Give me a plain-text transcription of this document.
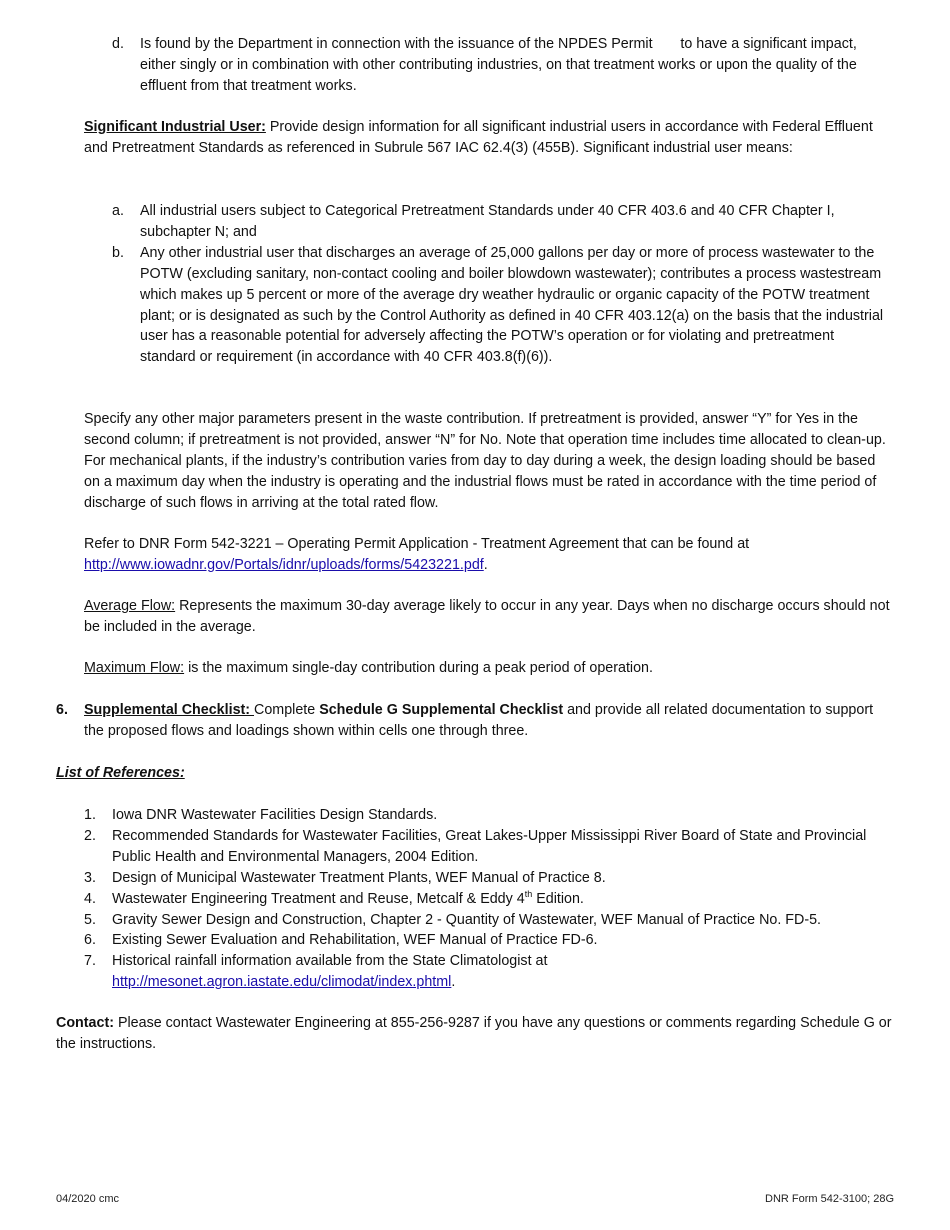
d.	Is found by the Department in connection with the issuance of the NPDES Permit       to have a significant impact, either singly or in combination with other contributing industries, on that treatment works or upon the quality of the effluent from that treatment works.

Significant Industrial User: Provide design information for all significant industrial users in accordance with Federal Effluent and Pretreatment Standards as referenced in Subrule 567 IAC 62.4(3) (455B). Significant industrial user means:

a.	All industrial users subject to Categorical Pretreatment Standards under 40 CFR 403.6 and 40 CFR Chapter I, subchapter N; and
b.	Any other industrial user that discharges an average of 25,000 gallons per day or more of process wastewater to the POTW (excluding sanitary, non-contact cooling and boiler blowdown wastewater); contributes a process wastestream which makes up 5 percent or more of the average dry weather hydraulic or organic capacity of the POTW treatment plant; or is designated as such by the Control Authority as defined in 40 CFR 403.12(a) on the basis that the industrial user has a reasonable potential for adversely affecting the POTW’s operation or for violating and pretreatment standard or requirement (in accordance with 40 CFR 403.8(f)(6)).

Specify any other major parameters present in the waste contribution. If pretreatment is provided, answer “Y” for Yes in the second column; if pretreatment is not provided, answer “N” for No. Note that operation time includes time allocated to clean-up. For mechanical plants, if the industry’s contribution varies from day to day during a week, the design loading should be based on a maximum day when the industry is operating and the industrial flows must be rated in accordance with the time period of discharge of such flows in arriving at the total rated flow.

Refer to DNR Form 542-3221 – Operating Permit Application - Treatment Agreement that can be found at http://www.iowadnr.gov/Portals/idnr/uploads/forms/5423221.pdf.

Average Flow: Represents the maximum 30-day average likely to occur in any year. Days when no discharge occurs should not be included in the average.

Maximum Flow: is the maximum single-day contribution during a peak period of operation.

6.	Supplemental Checklist: Complete Schedule G Supplemental Checklist and provide all related documentation to support the proposed flows and loadings shown within cells one through three.

List of References:

1.	Iowa DNR Wastewater Facilities Design Standards.
2.	Recommended Standards for Wastewater Facilities, Great Lakes-Upper Mississippi River Board of State and Provincial Public Health and Environmental Managers, 2004 Edition.
3.	Design of Municipal Wastewater Treatment Plants, WEF Manual of Practice 8.
4.	Wastewater Engineering Treatment and Reuse, Metcalf & Eddy 4th Edition.
5.	Gravity Sewer Design and Construction, Chapter 2 - Quantity of Wastewater, WEF Manual of Practice No. FD-5.
6.	Existing Sewer Evaluation and Rehabilitation, WEF Manual of Practice FD-6.
7.	Historical rainfall information available from the State Climatologist at http://mesonet.agron.iastate.edu/climodat/index.phtml.

Contact: Please contact Wastewater Engineering at 855-256-9287 if you have any questions or comments regarding Schedule G or the instructions.

04/2020 cmc	DNR Form 542-3100; 28G
